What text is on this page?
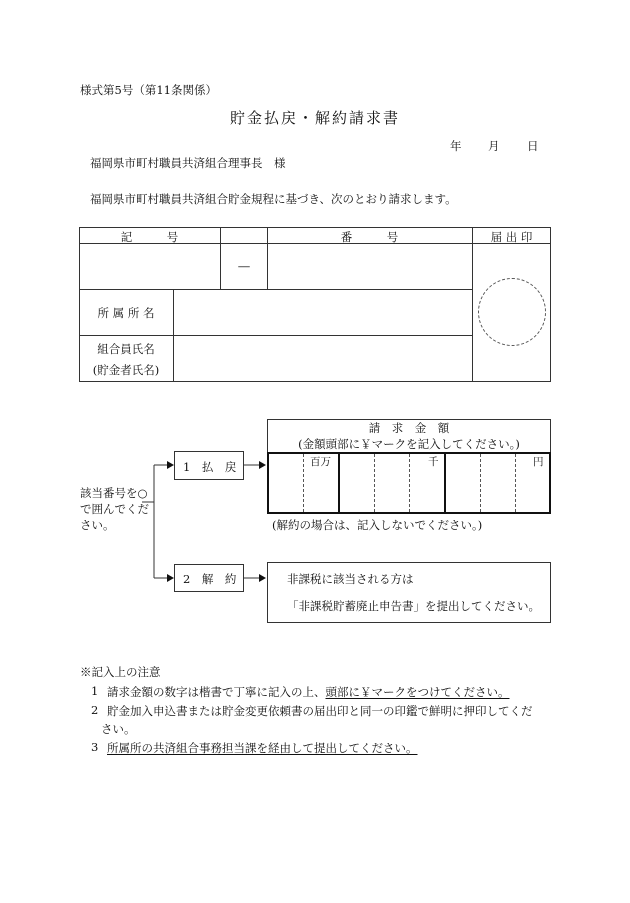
様式第5号（第11条関係）
貯金払戻・解約請求書
年 月 日
福岡県市町村職員共済組合理事長　様
福岡県市町村職員共済組合貯金規程に基づき、次のとおり請求します。
記　　　号	番　　　号	届 出 印
―
所 属 所 名
組合員氏名
(貯金者氏名)
該当番号を○で囲んでください。
1　払　戻
2　解　約
請　求　金　額
(金額頭部に￥マークを記入してください。)
百万	千	円
(解約の場合は、記入しないでください。)
非課税に該当される方は
「非課税貯蓄廃止申告書」を提出してください。
※記入上の注意
1 請求金額の数字は楷書で丁寧に記入の上、頭部に￥マークをつけてください。
2 貯金加入申込書または貯金変更依頼書の届出印と同一の印鑑で鮮明に押印してくだ
さい。
3 所属所の共済組合事務担当課を経由して提出してください。
